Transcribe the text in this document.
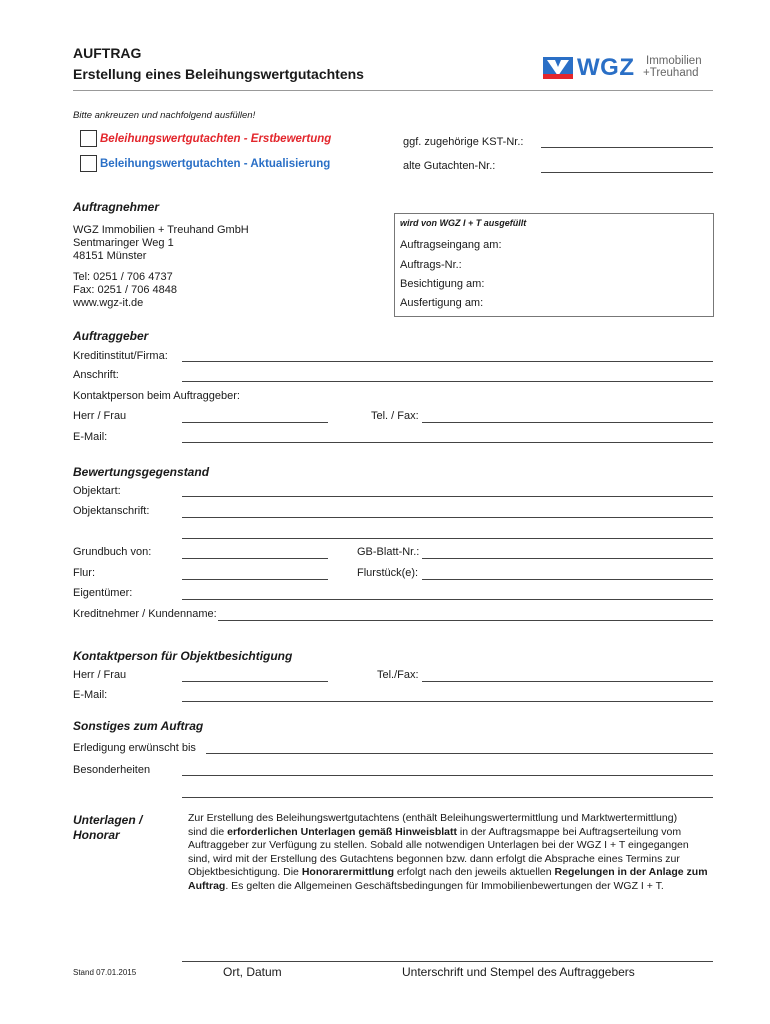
AUFTRAG
Erstellung eines Beleihungswertgutachtens	WGZ Immobilien
+Treuhand
Bitte ankreuzen und nachfolgend ausfüllen!
Beleihungswertgutachten - Erstbewertung
Beleihungswertgutachten - Aktualisierung
ggf. zugehörige KST-Nr.:
alte Gutachten-Nr.:
Auftragnehmer
WGZ Immobilien + Treuhand GmbH
Sentmaringer Weg 1
48151 Münster
Tel: 0251 / 706 4737
Fax: 0251 / 706 4848
www.wgz-it.de
wird von WGZ I + T ausgefüllt
Auftragseingang am:
Auftrags-Nr.:
Besichtigung am:
Ausfertigung am:
Auftraggeber
Kreditinstitut/Firma:
Anschrift:
Kontaktperson beim Auftraggeber:
Herr / Frau	Tel. / Fax:
E-Mail:
Bewertungsgegenstand
Objektart:
Objektanschrift:
Grundbuch von:	GB-Blatt-Nr.:
Flur:	Flurstück(e):
Eigentümer:
Kreditnehmer / Kundenname:
Kontaktperson für Objektbesichtigung
Herr / Frau	Tel./Fax:
E-Mail:
Sonstiges zum Auftrag
Erledigung erwünscht bis
Besonderheiten
Unterlagen /
Honorar
Zur Erstellung des Beleihungswertgutachtens (enthält Beleihungswertermittlung und Marktwertermittlung)
sind die erforderlichen Unterlagen gemäß Hinweisblatt in der Auftragsmappe bei Auftragserteilung vom
Auftraggeber zur Verfügung zu stellen. Sobald alle notwendigen Unterlagen bei der WGZ I + T eingegangen
sind, wird mit der Erstellung des Gutachtens begonnen bzw. dann erfolgt die Absprache eines Termins zur
Objektbesichtigung. Die Honorarermittlung erfolgt nach den jeweils aktuellen Regelungen in der Anlage zum
Auftrag. Es gelten die Allgemeinen Geschäftsbedingungen für Immobilienbewertungen der WGZ I + T.
Stand 07.01.2015	Ort, Datum	Unterschrift und Stempel des Auftraggebers
